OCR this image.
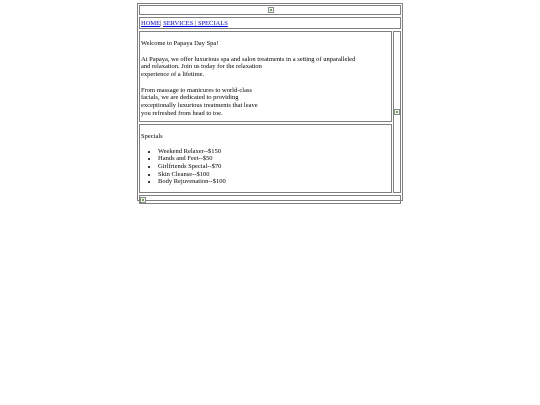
HOME| SERVICES | SPECIALS

Welcome to Papaya Day Spa!

At Papaya, we offer luxurious spa and salon treatments in a setting of unparalleled
and relaxation. Join us today for the relaxation
experience of a lifetime.

From massage to manicures to world-class
facials, we are dedicated to providing
exceptionally luxurious treatments that leave
you refreshed from head to toe.

Specials
• Weekend Relaxer--$150
• Hands and Feet--$50
• Girlfriends Special--$70
• Skin Cleanse--$100
• Body Rejuvenation--$100
